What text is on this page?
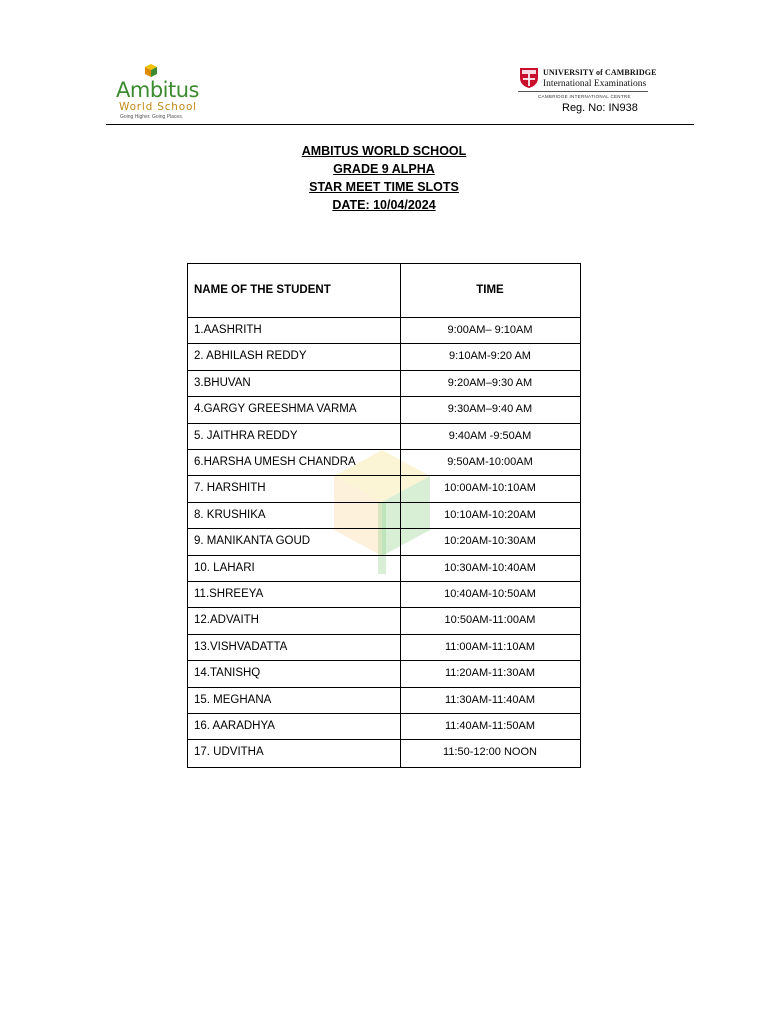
Ambitus
World School
Going Higher. Going Places.
UNIVERSITY of CAMBRIDGE
International Examinations
CAMBRIDGE INTERNATIONAL CENTRE
Reg. No: IN938
AMBITUS WORLD SCHOOL
GRADE 9 ALPHA
STAR MEET TIME SLOTS
DATE: 10/04/2024
NAME OF THE STUDENT	TIME
1.AASHRITH	9:00AM– 9:10AM
2. ABHILASH REDDY	9:10AM-9:20 AM
3.BHUVAN	9:20AM–9:30 AM
4.GARGY GREESHMA VARMA	9:30AM–9:40 AM
5. JAITHRA REDDY	9:40AM -9:50AM
6.HARSHA UMESH CHANDRA	9:50AM-10:00AM
7. HARSHITH	10:00AM-10:10AM
8. KRUSHIKA	10:10AM-10:20AM
9. MANIKANTA GOUD	10:20AM-10:30AM
10. LAHARI	10:30AM-10:40AM
11.SHREEYA	10:40AM-10:50AM
12.ADVAITH	10:50AM-11:00AM
13.VISHVADATTA	11:00AM-11:10AM
14.TANISHQ	11:20AM-11:30AM
15. MEGHANA	11:30AM-11:40AM
16. AARADHYA	11:40AM-11:50AM
17. UDVITHA	11:50-12:00 NOON
